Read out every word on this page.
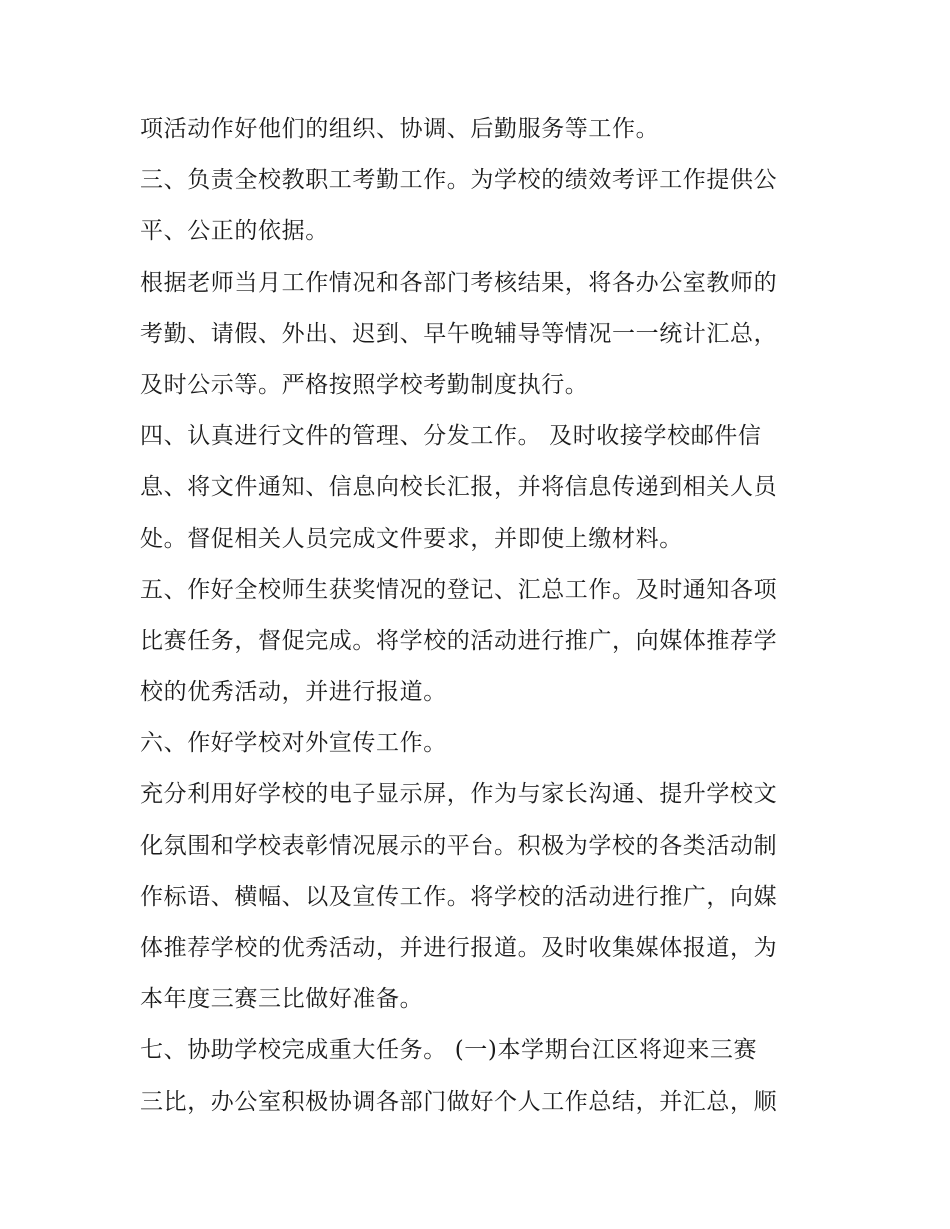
项活动作好他们的组织、协调、后勤服务等工作。
三、负责全校教职工考勤工作。为学校的绩效考评工作提供公
平、公正的依据。
根据老师当月工作情况和各部门考核结果，将各办公室教师的
考勤、请假、外出、迟到、早午晚辅导等情况一一统计汇总，
及时公示等。严格按照学校考勤制度执行。
四、认真进行文件的管理、分发工作。 及时收接学校邮件信
息、将文件通知、信息向校长汇报，并将信息传递到相关人员
处。督促相关人员完成文件要求，并即使上缴材料。
五、作好全校师生获奖情况的登记、汇总工作。及时通知各项
比赛任务，督促完成。将学校的活动进行推广，向媒体推荐学
校的优秀活动，并进行报道。
六、作好学校对外宣传工作。
充分利用好学校的电子显示屏，作为与家长沟通、提升学校文
化氛围和学校表彰情况展示的平台。积极为学校的各类活动制
作标语、横幅、以及宣传工作。将学校的活动进行推广，向媒
体推荐学校的优秀活动，并进行报道。及时收集媒体报道，为
本年度三赛三比做好准备。
七、协助学校完成重大任务。 (一)本学期台江区将迎来三赛
三比，办公室积极协调各部门做好个人工作总结，并汇总，顺
